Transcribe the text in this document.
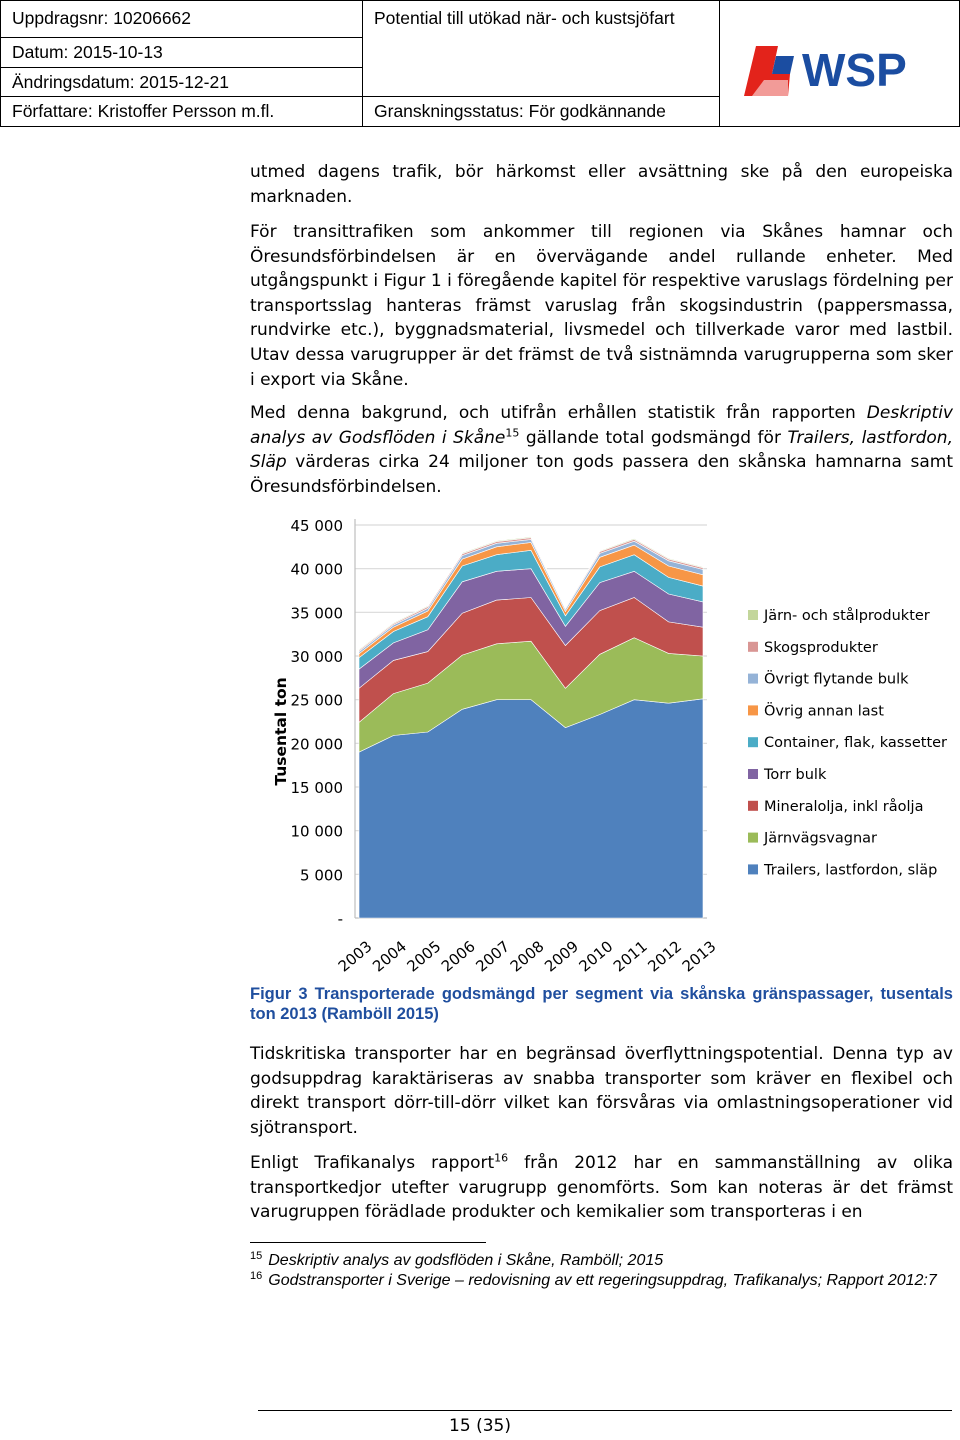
Uppdragsnr: 10206662	Potential till utökad när- och kustsjöfart
Datum: 2015-10-13
Ändringsdatum: 2015-12-21
Författare: Kristoffer Persson m.fl.	Granskningsstatus: För godkännande
WSP

utmed dagens trafik, bör härkomst eller avsättning ske på den europeiska marknaden.

För transittrafiken som ankommer till regionen via Skånes hamnar och Öresundsförbindelsen är en övervägande andel rullande enheter. Med utgångspunkt i Figur 1 i föregående kapitel för respektive varuslags fördelning per transportsslag hanteras främst varuslag från skogsindustrin (pappersmassa, rundvirke etc.), byggnadsmaterial, livsmedel och tillverkade varor med lastbil. Utav dessa varugrupper är det främst de två sistnämnda varugrupperna som sker i export via Skåne.

Med denna bakgrund, och utifrån erhållen statistik från rapporten Deskriptiv analys av Godsflöden i Skåne$^{15}$ gällande total godsmängd för Trailers, lastfordon, Släp värderas cirka 24 miljoner ton gods passera den skånska hamnarna samt Öresundsförbindelsen.

-
5 000
10 000
15 000
20 000
25 000
30 000
35 000
40 000
45 000
2003
2004
2005
2006
2007
2008
2009
2010
2011
2012
2013
Tusental ton
Järn- och stålprodukter
Skogsprodukter
Övrigt flytande bulk
Övrig annan last
Container, flak, kassetter
Torr bulk
Mineralolja, inkl råolja
Järnvägsvagnar
Trailers, lastfordon, släp

Figur 3 Transporterade godsmängd per segment via skånska gränspassager, tusentals ton 2013 (Ramböll 2015)

Tidskritiska transporter har en begränsad överflyttningspotential. Denna typ av godsuppdrag karaktäriseras av snabba transporter som kräver en flexibel och direkt transport dörr-till-dörr vilket kan försvåras via omlastningsoperationer vid sjötransport.

Enligt Trafikanalys rapport$^{16}$ från 2012 har en sammanställning av olika transportkedjor utefter varugrupp genomförts. Som kan noteras är det främst varugruppen förädlade produkter och kemikalier som transporteras i en

$^{15}$ Deskriptiv analys av godsflöden i Skåne, Ramböll; 2015

$^{16}$ Godstransporter i Sverige – redovisning av ett regeringsuppdrag, Trafikanalys; Rapport 2012:7

15 (35)
